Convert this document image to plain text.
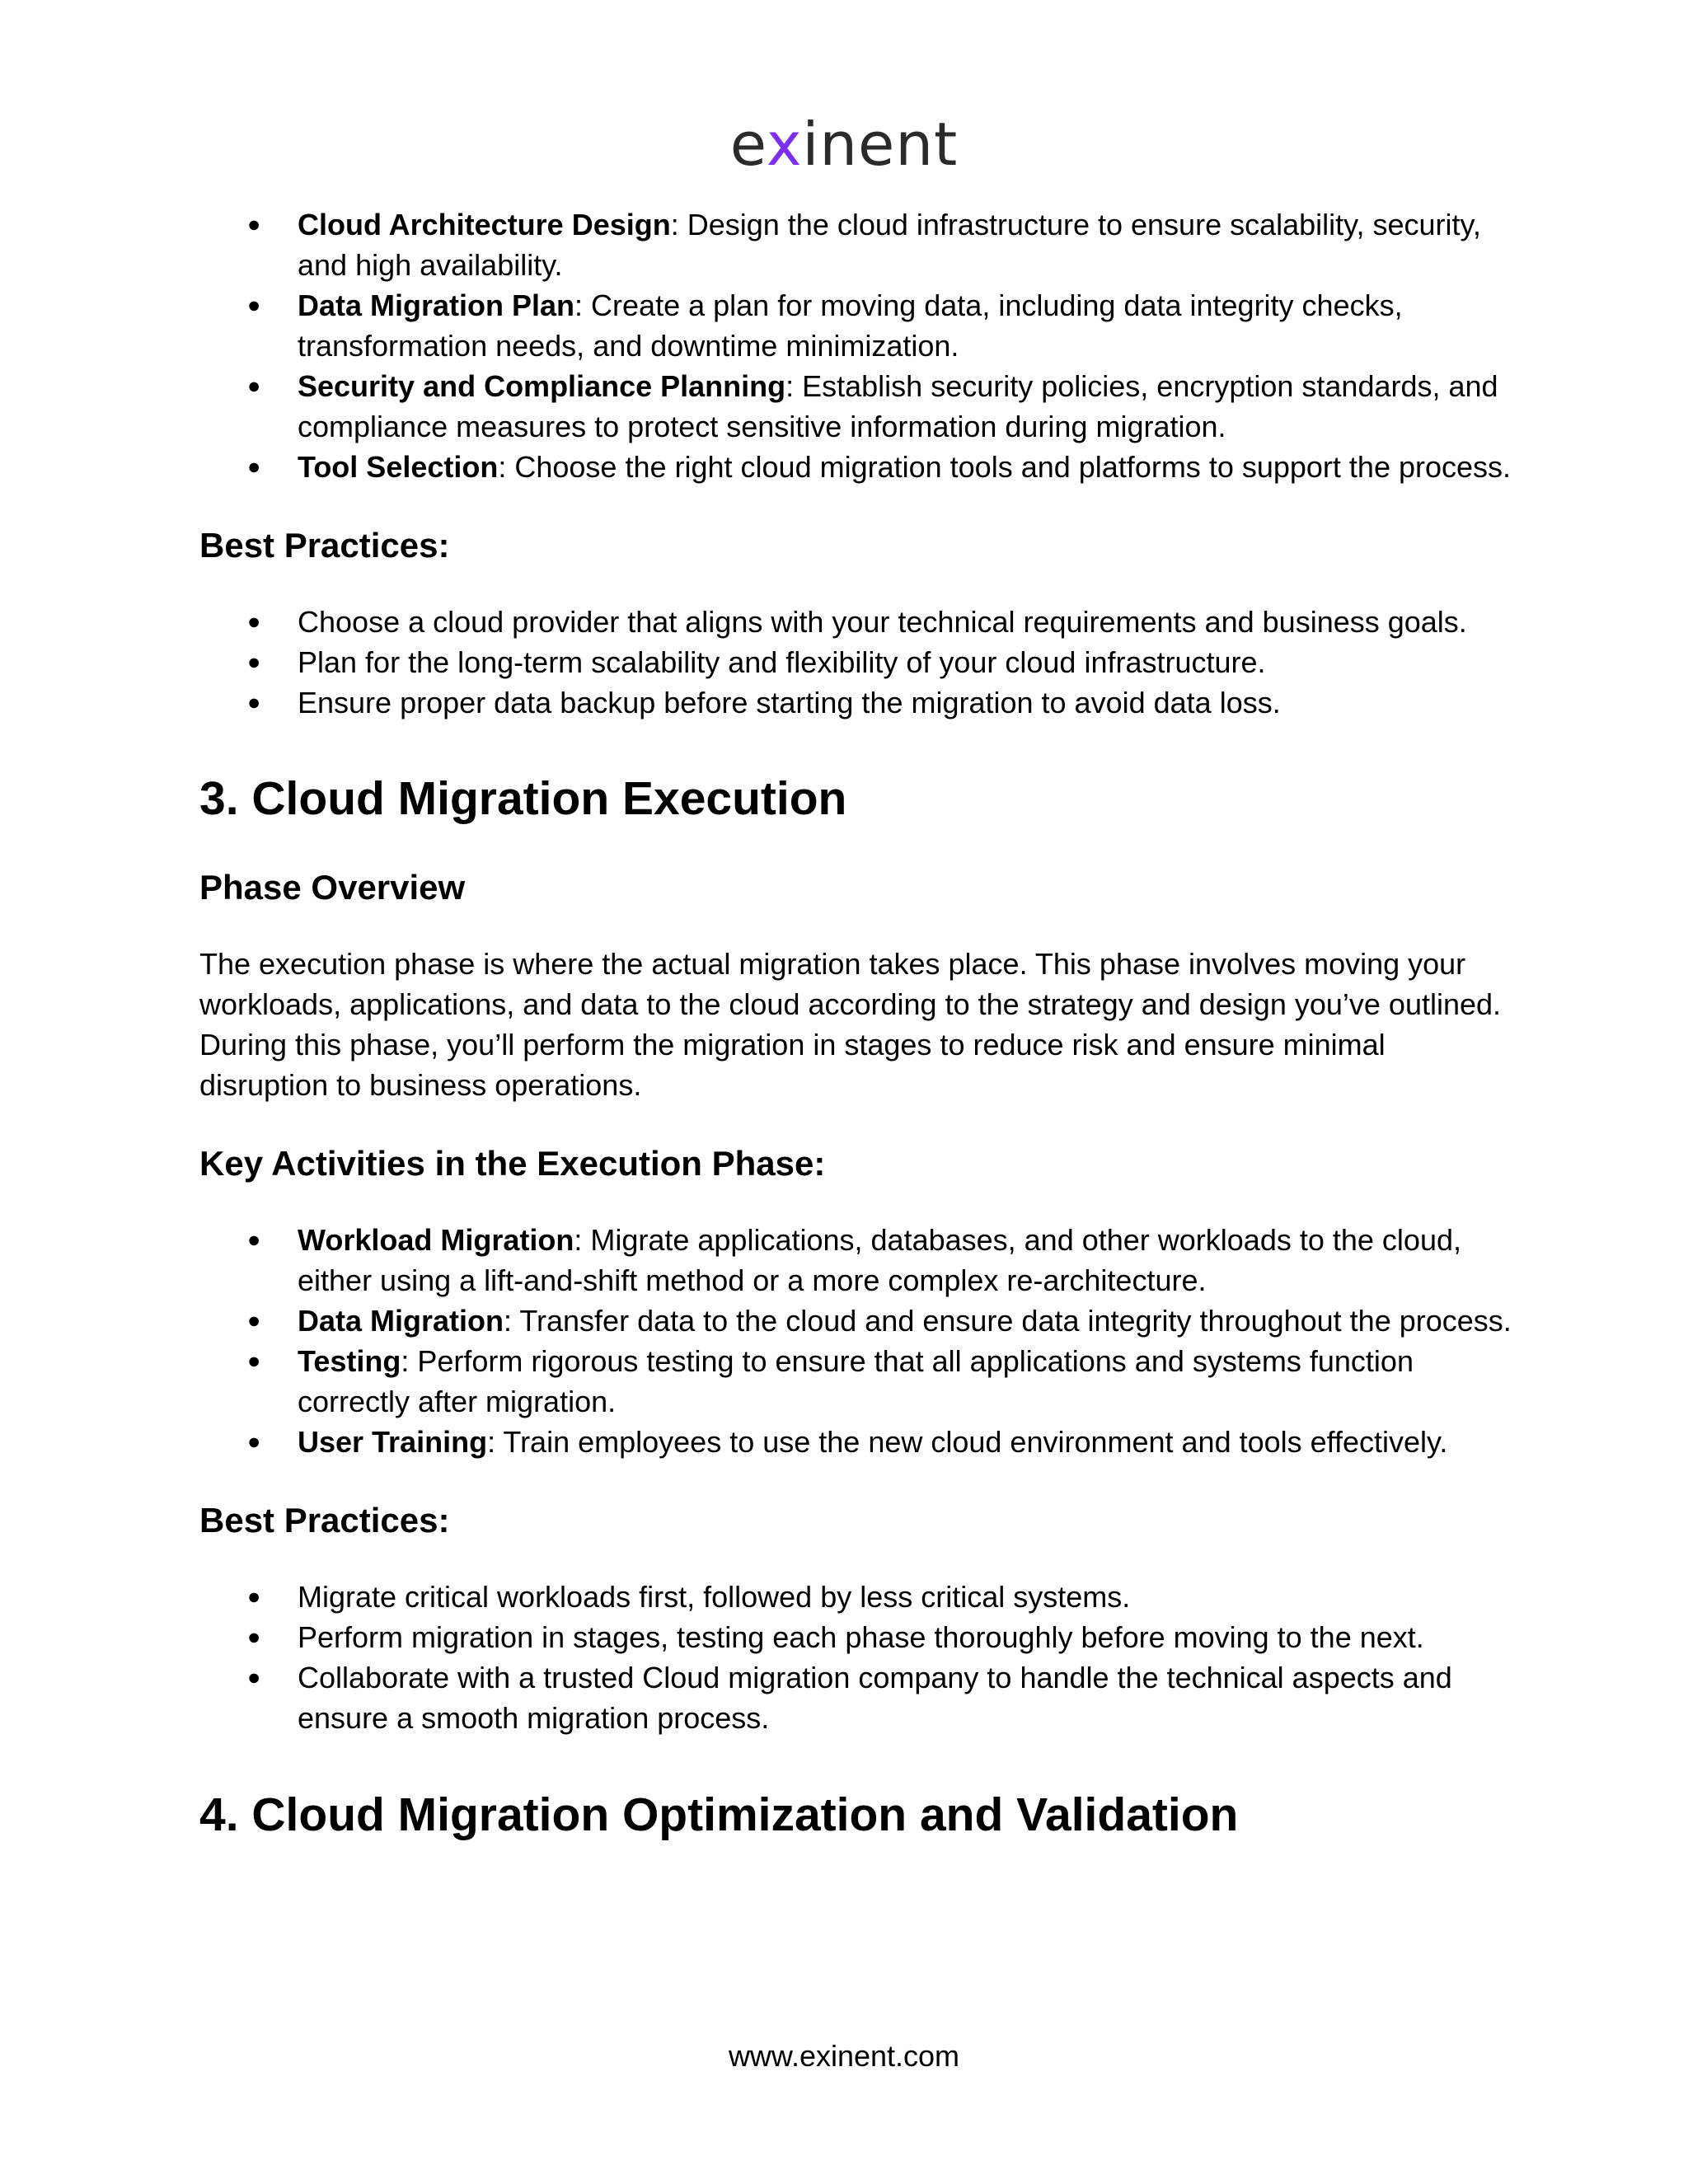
exinent
● Cloud Architecture Design: Design the cloud infrastructure to ensure scalability, security, and high availability.
● Data Migration Plan: Create a plan for moving data, including data integrity checks, transformation needs, and downtime minimization.
● Security and Compliance Planning: Establish security policies, encryption standards, and compliance measures to protect sensitive information during migration.
● Tool Selection: Choose the right cloud migration tools and platforms to support the process.
Best Practices:
● Choose a cloud provider that aligns with your technical requirements and business goals.
● Plan for the long-term scalability and flexibility of your cloud infrastructure.
● Ensure proper data backup before starting the migration to avoid data loss.
3. Cloud Migration Execution
Phase Overview

The execution phase is where the actual migration takes place. This phase involves moving your workloads, applications, and data to the cloud according to the strategy and design you’ve outlined. During this phase, you’ll perform the migration in stages to reduce risk and ensure minimal disruption to business operations.

Key Activities in the Execution Phase:
● Workload Migration: Migrate applications, databases, and other workloads to the cloud, either using a lift-and-shift method or a more complex re-architecture.
● Data Migration: Transfer data to the cloud and ensure data integrity throughout the process.
● Testing: Perform rigorous testing to ensure that all applications and systems function correctly after migration.
● User Training: Train employees to use the new cloud environment and tools effectively.
Best Practices:
● Migrate critical workloads first, followed by less critical systems.
● Perform migration in stages, testing each phase thoroughly before moving to the next.
● Collaborate with a trusted Cloud migration company to handle the technical aspects and ensure a smooth migration process.
4. Cloud Migration Optimization and Validation
www.exinent.com
